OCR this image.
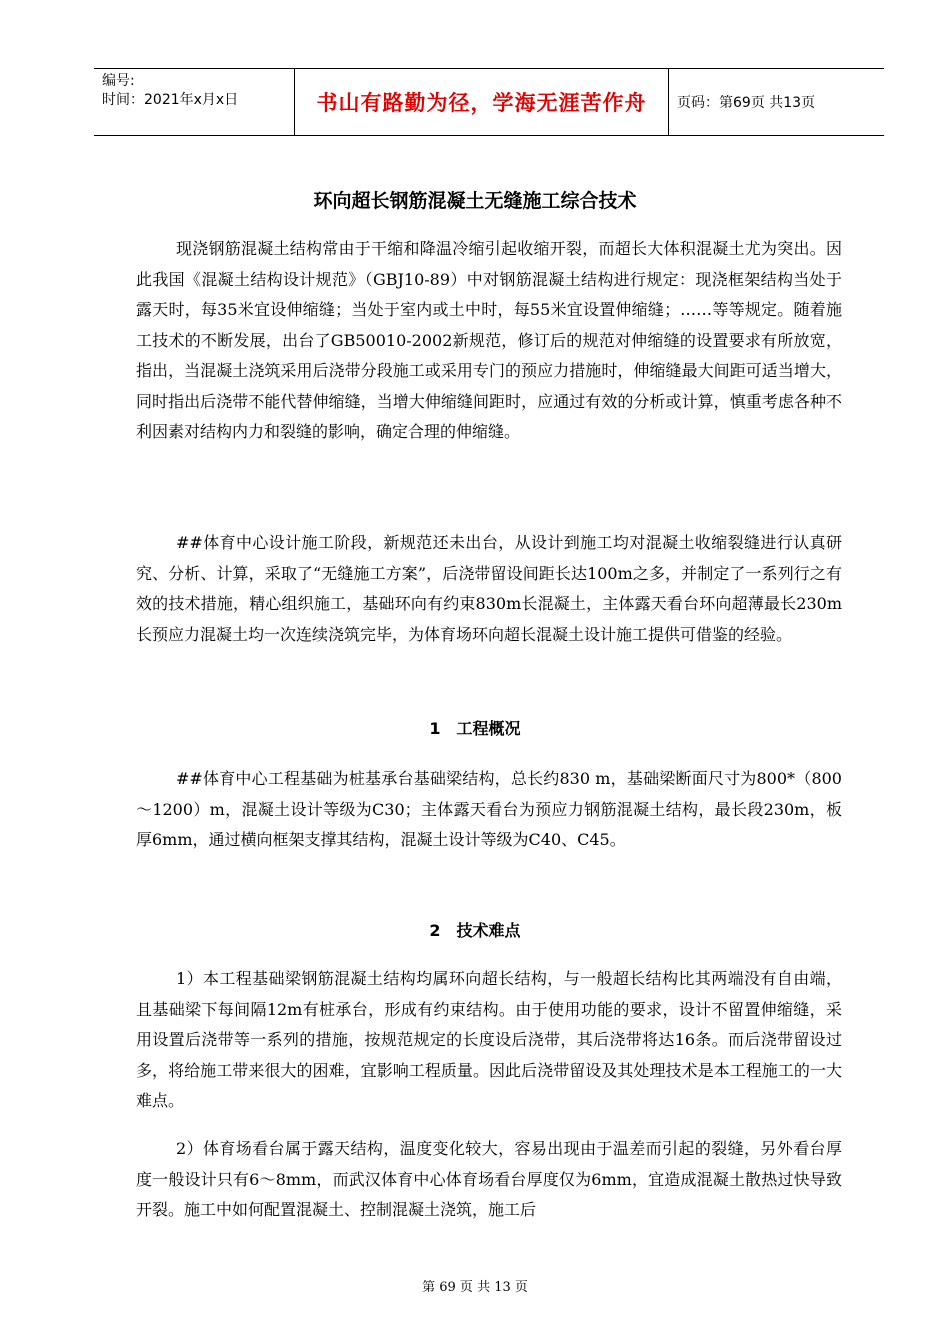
编号:
时间：2021年x月x日	书山有路勤为径，学海无涯苦作舟	页码：第69页 共13页
环向超长钢筋混凝土无缝施工综合技术

现浇钢筋混凝土结构常由于干缩和降温冷缩引起收缩开裂，而超长大体积混凝土尤为突出。因此我国《混凝土结构设计规范》（GBJ10-89）中对钢筋混凝土结构进行规定：现浇框架结构当处于露天时，每35米宜设伸缩缝；当处于室内或土中时，每55米宜设置伸缩缝；……等等规定。随着施工技术的不断发展，出台了GB50010-2002新规范，修订后的规范对伸缩缝的设置要求有所放宽，指出，当混凝土浇筑采用后浇带分段施工或采用专门的预应力措施时，伸缩缝最大间距可适当增大，同时指出后浇带不能代替伸缩缝，当增大伸缩缝间距时，应通过有效的分析或计算，慎重考虑各种不利因素对结构内力和裂缝的影响，确定合理的伸缩缝。

##体育中心设计施工阶段，新规范还未出台，从设计到施工均对混凝土收缩裂缝进行认真研究、分析、计算，采取了“无缝施工方案”，后浇带留设间距长达100m之多，并制定了一系列行之有效的技术措施，精心组织施工，基础环向有约束830m长混凝土，主体露天看台环向超薄最长230m长预应力混凝土均一次连续浇筑完毕，为体育场环向超长混凝土设计施工提供可借鉴的经验。

1　工程概况

##体育中心工程基础为桩基承台基础梁结构，总长约830 m，基础梁断面尺寸为800*（800～1200）m，混凝土设计等级为C30；主体露天看台为预应力钢筋混凝土结构，最长段230m，板厚6mm，通过横向框架支撑其结构，混凝土设计等级为C40、C45。

2　技术难点

1）本工程基础梁钢筋混凝土结构均属环向超长结构，与一般超长结构比其两端没有自由端，且基础梁下每间隔12m有桩承台，形成有约束结构。由于使用功能的要求，设计不留置伸缩缝，采用设置后浇带等一系列的措施，按规范规定的长度设后浇带，其后浇带将达16条。而后浇带留设过多，将给施工带来很大的困难，宜影响工程质量。因此后浇带留设及其处理技术是本工程施工的一大难点。

2）体育场看台属于露天结构，温度变化较大，容易出现由于温差而引起的裂缝，另外看台厚度一般设计只有6～8mm，而武汉体育中心体育场看台厚度仅为6mm，宜造成混凝土散热过快导致开裂。施工中如何配置混凝土、控制混凝土浇筑，施工后

第 69 页 共 13 页
